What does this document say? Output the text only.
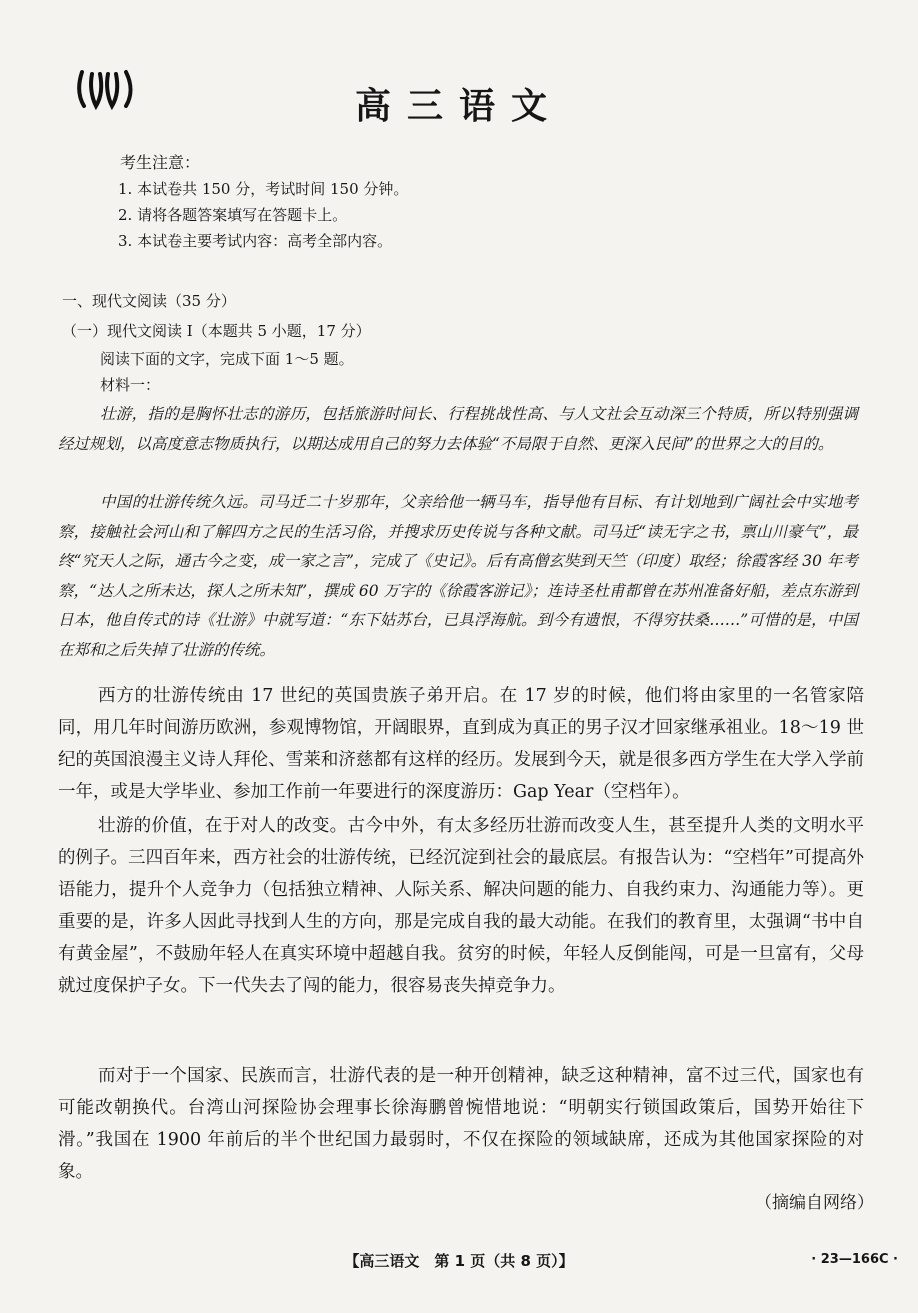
高三语文
考生注意：
1. 本试卷共 150 分，考试时间 150 分钟。
2. 请将各题答案填写在答题卡上。
3. 本试卷主要考试内容：高考全部内容。
一、现代文阅读（35 分）
（一）现代文阅读 I（本题共 5 小题，17 分）
阅读下面的文字，完成下面 1～5 题。
材料一：
壮游，指的是胸怀壮志的游历，包括旅游时间长、行程挑战性高、与人文社会互动深三个特质，所以特别强调经过规划，以高度意志物质执行，以期达成用自己的努力去体验“不局限于自然、更深入民间”的世界之大的目的。
中国的壮游传统久远。司马迁二十岁那年，父亲给他一辆马车，指导他有目标、有计划地到广阔社会中实地考察，接触社会河山和了解四方之民的生活习俗，并搜求历史传说与各种文献。司马迁“读无字之书，禀山川豪气”，最终“究天人之际，通古今之变，成一家之言”，完成了《史记》。后有高僧玄奘到天竺（印度）取经；徐霞客经 30 年考察，“达人之所未达，探人之所未知”，撰成 60 万字的《徐霞客游记》；连诗圣杜甫都曾在苏州准备好船，差点东游到日本，他自传式的诗《壮游》中就写道：“东下姑苏台，已具浮海航。到今有遗恨，不得穷扶桑……”可惜的是，中国在郑和之后失掉了壮游的传统。
西方的壮游传统由 17 世纪的英国贵族子弟开启。在 17 岁的时候，他们将由家里的一名管家陪同，用几年时间游历欧洲，参观博物馆，开阔眼界，直到成为真正的男子汉才回家继承祖业。18～19 世纪的英国浪漫主义诗人拜伦、雪莱和济慈都有这样的经历。发展到今天，就是很多西方学生在大学入学前一年，或是大学毕业、参加工作前一年要进行的深度游历：Gap Year（空档年）。
壮游的价值，在于对人的改变。古今中外，有太多经历壮游而改变人生，甚至提升人类的文明水平的例子。三四百年来，西方社会的壮游传统，已经沉淀到社会的最底层。有报告认为：“空档年”可提高外语能力，提升个人竞争力（包括独立精神、人际关系、解决问题的能力、自我约束力、沟通能力等）。更重要的是，许多人因此寻找到人生的方向，那是完成自我的最大动能。在我们的教育里，太强调“书中自有黄金屋”，不鼓励年轻人在真实环境中超越自我。贫穷的时候，年轻人反倒能闯，可是一旦富有，父母就过度保护子女。下一代失去了闯的能力，很容易丧失掉竞争力。
而对于一个国家、民族而言，壮游代表的是一种开创精神，缺乏这种精神，富不过三代，国家也有可能改朝换代。台湾山河探险协会理事长徐海鹏曾惋惜地说：“明朝实行锁国政策后，国势开始往下滑。”我国在 1900 年前后的半个世纪国力最弱时，不仅在探险的领域缺席，还成为其他国家探险的对象。
（摘编自网络）
【高三语文　第 1 页（共 8 页）】	· 23—166C ·
